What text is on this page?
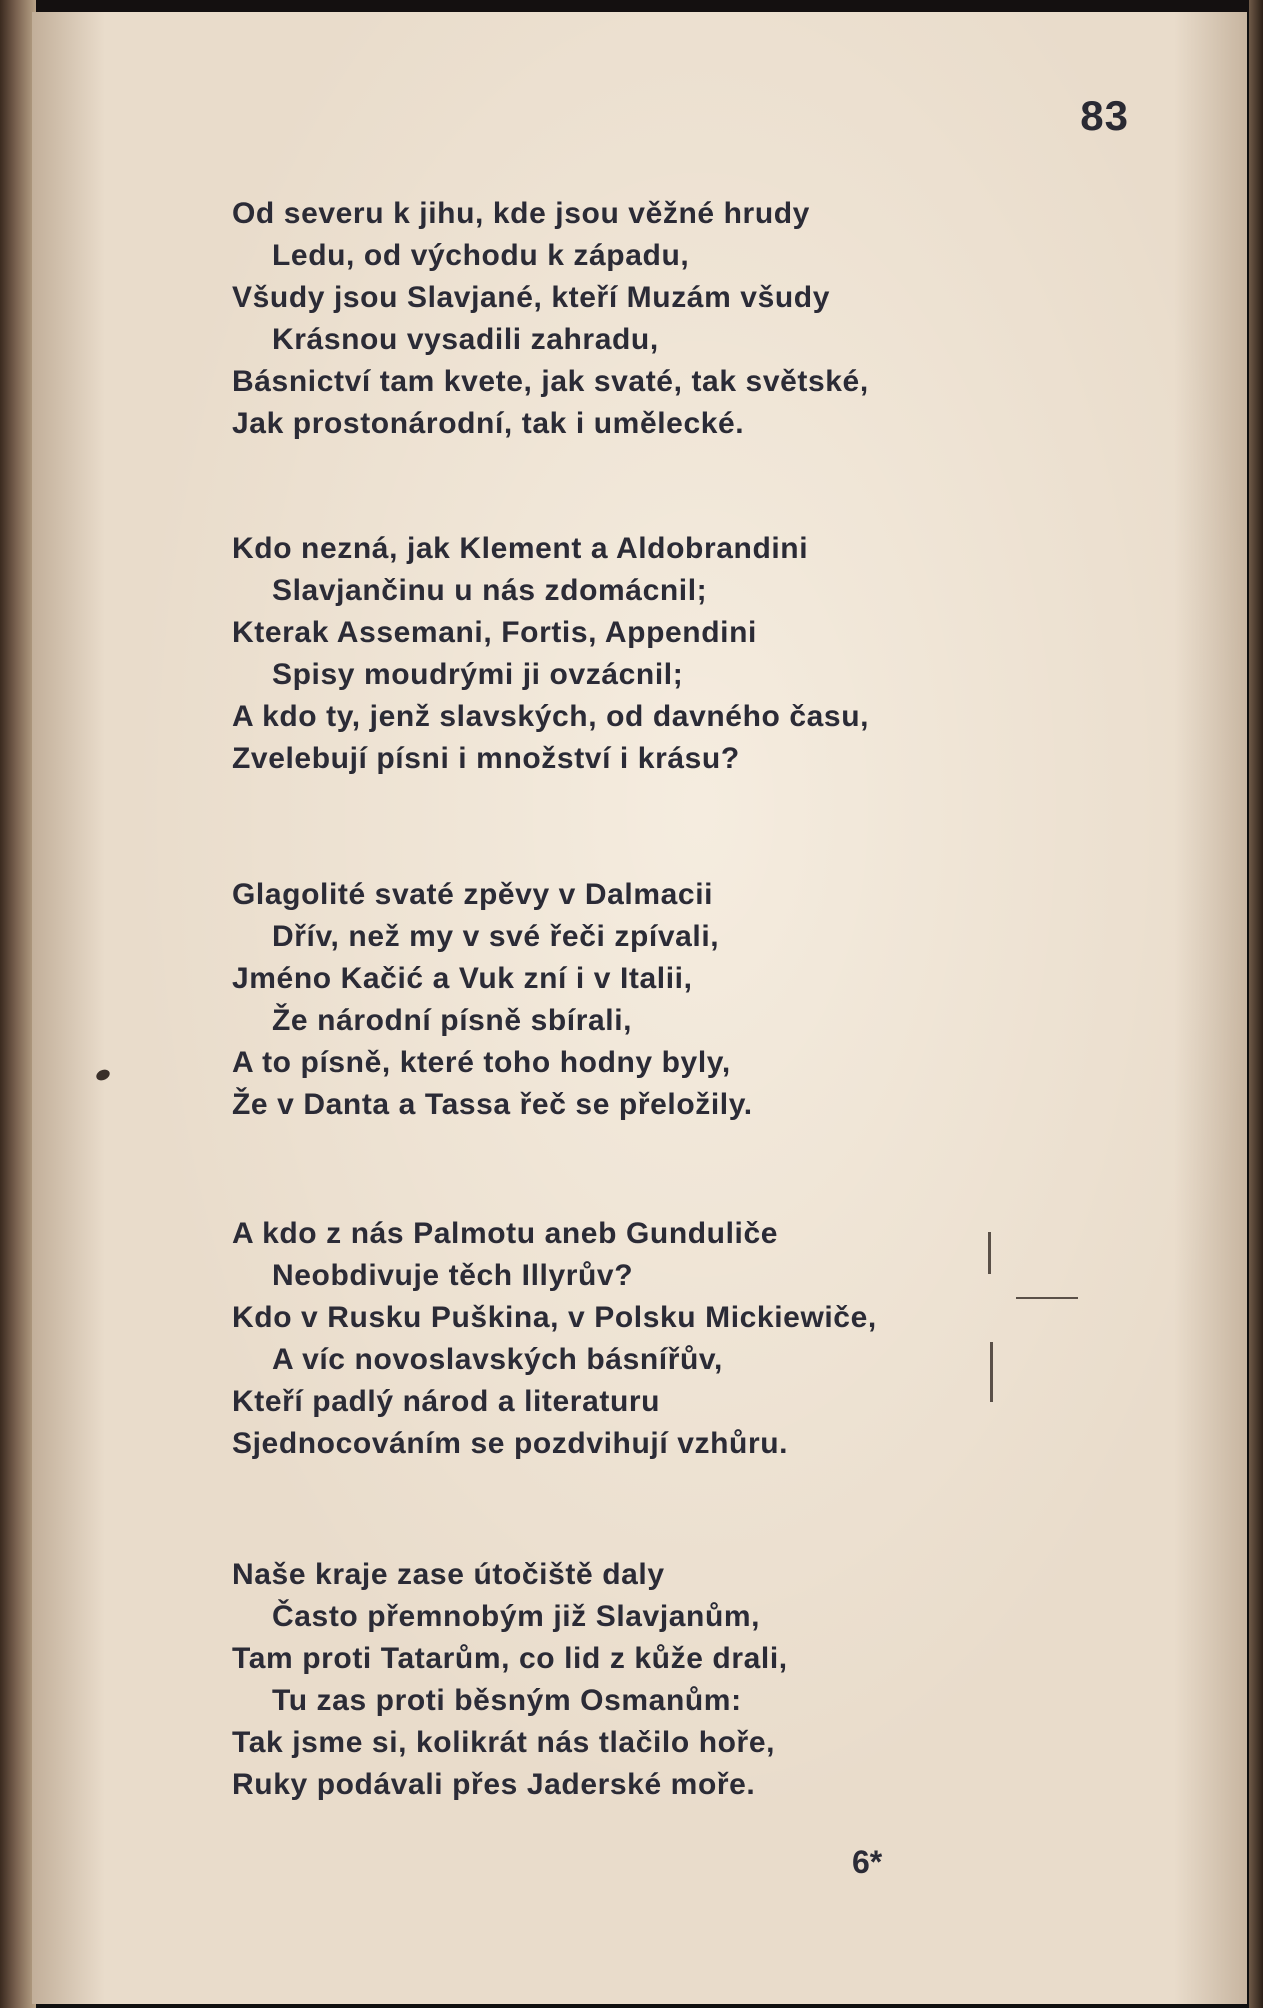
83
Od severu k jihu, kde jsou věžné hrudy
Ledu, od východu k západu,
Všudy jsou Slavjané, kteří Muzám všudy
Krásnou vysadili zahradu,
Básnictví tam kvete, jak svaté, tak světské,
Jak prostonárodní, tak i umělecké.
Kdo nezná, jak Klement a Aldobrandini
Slavjančinu u nás zdomácnil;
Kterak Assemani, Fortis, Appendini
Spisy moudrými ji ovzácnil;
A kdo ty, jenž slavských, od davného času,
Zvelebují písni i množství i krásu?
Glagolité svaté zpěvy v Dalmacii
Dřív, než my v své řeči zpívali,
Jméno Kačić a Vuk zní i v Italii,
Že národní písně sbírali,
A to písně, které toho hodny byly,
Že v Danta a Tassa řeč se přeložily.
A kdo z nás Palmotu aneb Gunduliče
Neobdivuje těch Illyrův?
Kdo v Rusku Puškina, v Polsku Mickiewiče,
A víc novoslavských básnířův,
Kteří padlý národ a literaturu
Sjednocováním se pozdvihují vzhůru.
Naše kraje zase útočiště daly
Často přemnobým již Slavjanům,
Tam proti Tatarům, co lid z kůže drali,
Tu zas proti běsným Osmanům:
Tak jsme si, kolikrát nás tlačilo hoře,
Ruky podávali přes Jaderské moře.
6*
